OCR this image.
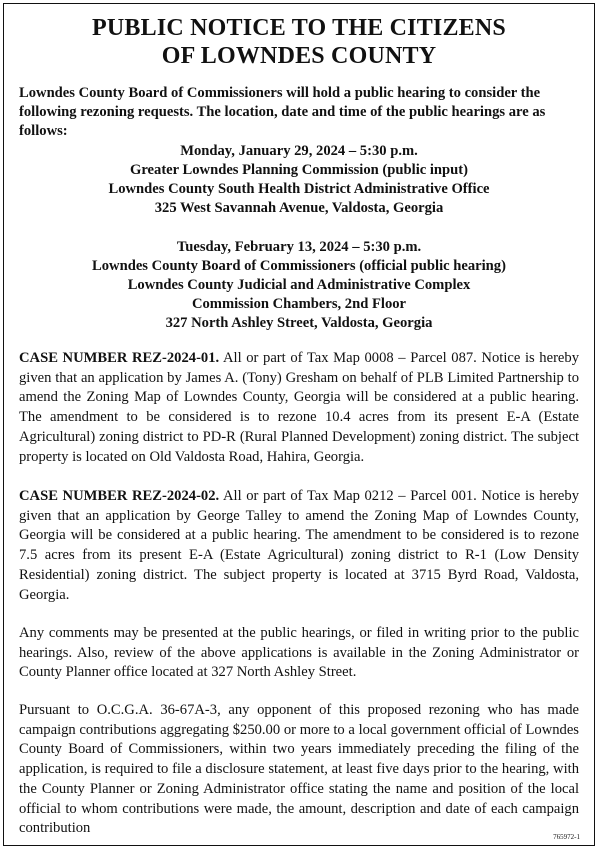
PUBLIC NOTICE TO THE CITIZENS
OF LOWNDES COUNTY
Lowndes County Board of Commissioners will hold a public hearing to consider the following rezoning requests. The location, date and time of the public hearings are as follows:
Monday, January 29, 2024 – 5:30 p.m.
Greater Lowndes Planning Commission (public input)
Lowndes County South Health District Administrative Office
325 West Savannah Avenue, Valdosta, Georgia
Tuesday, February 13, 2024 – 5:30 p.m.
Lowndes County Board of Commissioners (official public hearing)
Lowndes County Judicial and Administrative Complex
Commission Chambers, 2nd Floor
327 North Ashley Street, Valdosta, Georgia
CASE NUMBER REZ-2024-01. All or part of Tax Map 0008 – Parcel 087. Notice is hereby given that an application by James A. (Tony) Gresham on behalf of PLB Limited Partnership to amend the Zoning Map of Lowndes County, Georgia will be considered at a public hearing. The amendment to be considered is to rezone 10.4 acres from its present E-A (Estate Agricultural) zoning district to PD-R (Rural Planned Development) zoning district. The subject property is located on Old Valdosta Road, Hahira, Georgia.
CASE NUMBER REZ-2024-02. All or part of Tax Map 0212 – Parcel 001. Notice is hereby given that an application by George Talley to amend the Zoning Map of Lowndes County, Georgia will be considered at a public hearing. The amendment to be considered is to rezone 7.5 acres from its present E-A (Estate Agricultural) zoning district to R-1 (Low Density Residential) zoning district. The subject property is located at 3715 Byrd Road, Valdosta, Georgia.
Any comments may be presented at the public hearings, or filed in writing prior to the public hearings. Also, review of the above applications is available in the Zoning Administrator or County Planner office located at 327 North Ashley Street.
Pursuant to O.C.G.A. 36-67A-3, any opponent of this proposed rezoning who has made campaign contributions aggregating $250.00 or more to a local government official of Lowndes County Board of Commissioners, within two years immediately preceding the filing of the application, is required to file a disclosure statement, at least five days prior to the hearing, with the County Planner or Zoning Administrator office stating the name and position of the local official to whom contributions were made, the amount, description and date of each campaign contribution
765972-1
